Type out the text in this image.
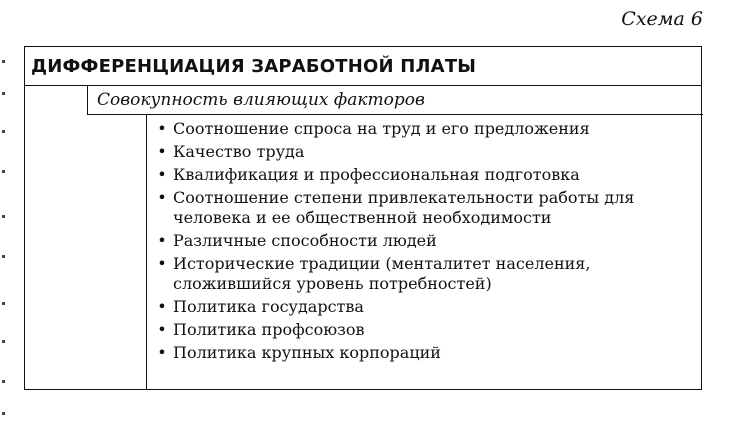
Схема 6
ДИФФЕРЕНЦИАЦИЯ ЗАРАБОТНОЙ ПЛАТЫ
Совокупность влияющих факторов
• Соотношение спроса на труд и его предложения
• Качество труда
• Квалификация и профессиональная подготовка
• Соотношение степени привлекательности работы для человека и ее общественной необходимости
• Различные способности людей
• Исторические традиции (менталитет населения, сложившийся уровень потребностей)
• Политика государства
• Политика профсоюзов
• Политика крупных корпораций
